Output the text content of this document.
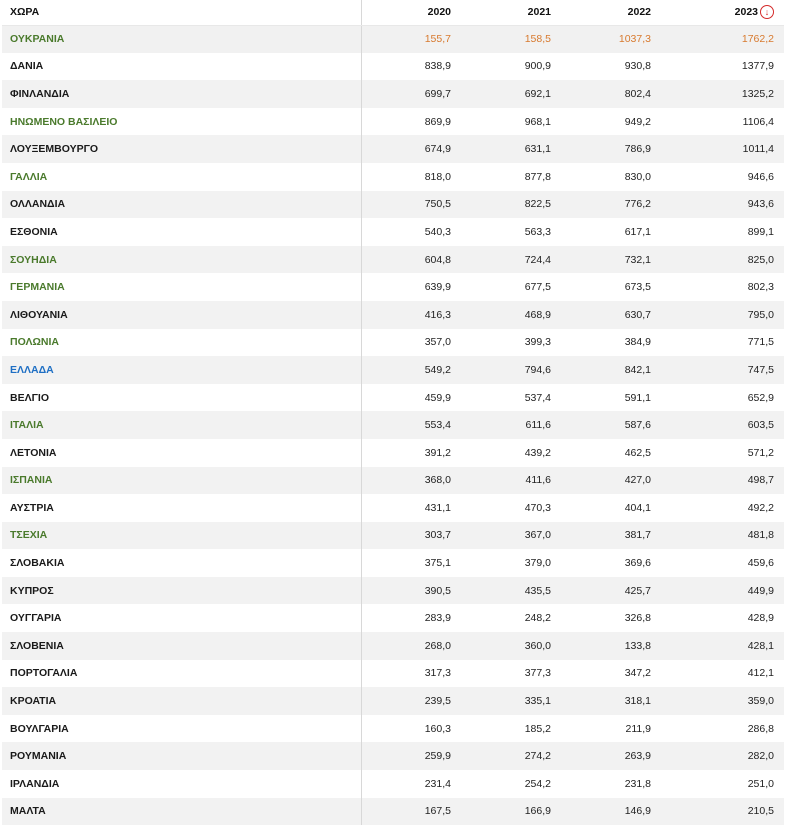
ΧΩΡΑ	2020	2021	2022	2023 ↓
ΟΥΚΡΑΝΙΑ	155,7	158,5	1037,3	1762,2
ΔΑΝΙΑ	838,9	900,9	930,8	1377,9
ΦΙΝΛΑΝΔΙΑ	699,7	692,1	802,4	1325,2
ΗΝΩΜΕΝΟ ΒΑΣΙΛΕΙΟ	869,9	968,1	949,2	1106,4
ΛΟΥΞΕΜΒΟΥΡΓΟ	674,9	631,1	786,9	1011,4
ΓΑΛΛΙΑ	818,0	877,8	830,0	946,6
ΟΛΛΑΝΔΙΑ	750,5	822,5	776,2	943,6
ΕΣΘΟΝΙΑ	540,3	563,3	617,1	899,1
ΣΟΥΗΔΙΑ	604,8	724,4	732,1	825,0
ΓΕΡΜΑΝΙΑ	639,9	677,5	673,5	802,3
ΛΙΘΟΥΑΝΙΑ	416,3	468,9	630,7	795,0
ΠΟΛΩΝΙΑ	357,0	399,3	384,9	771,5
ΕΛΛΑΔΑ	549,2	794,6	842,1	747,5
ΒΕΛΓΙΟ	459,9	537,4	591,1	652,9
ΙΤΑΛΙΑ	553,4	611,6	587,6	603,5
ΛΕΤΟΝΙΑ	391,2	439,2	462,5	571,2
ΙΣΠΑΝΙΑ	368,0	411,6	427,0	498,7
ΑΥΣΤΡΙΑ	431,1	470,3	404,1	492,2
ΤΣΕΧΙΑ	303,7	367,0	381,7	481,8
ΣΛΟΒΑΚΙΑ	375,1	379,0	369,6	459,6
ΚΥΠΡΟΣ	390,5	435,5	425,7	449,9
ΟΥΓΓΑΡΙΑ	283,9	248,2	326,8	428,9
ΣΛΟΒΕΝΙΑ	268,0	360,0	133,8	428,1
ΠΟΡΤΟΓΑΛΙΑ	317,3	377,3	347,2	412,1
ΚΡΟΑΤΙΑ	239,5	335,1	318,1	359,0
ΒΟΥΛΓΑΡΙΑ	160,3	185,2	211,9	286,8
ΡΟΥΜΑΝΙΑ	259,9	274,2	263,9	282,0
ΙΡΛΑΝΔΙΑ	231,4	254,2	231,8	251,0
ΜΑΛΤΑ	167,5	166,9	146,9	210,5
